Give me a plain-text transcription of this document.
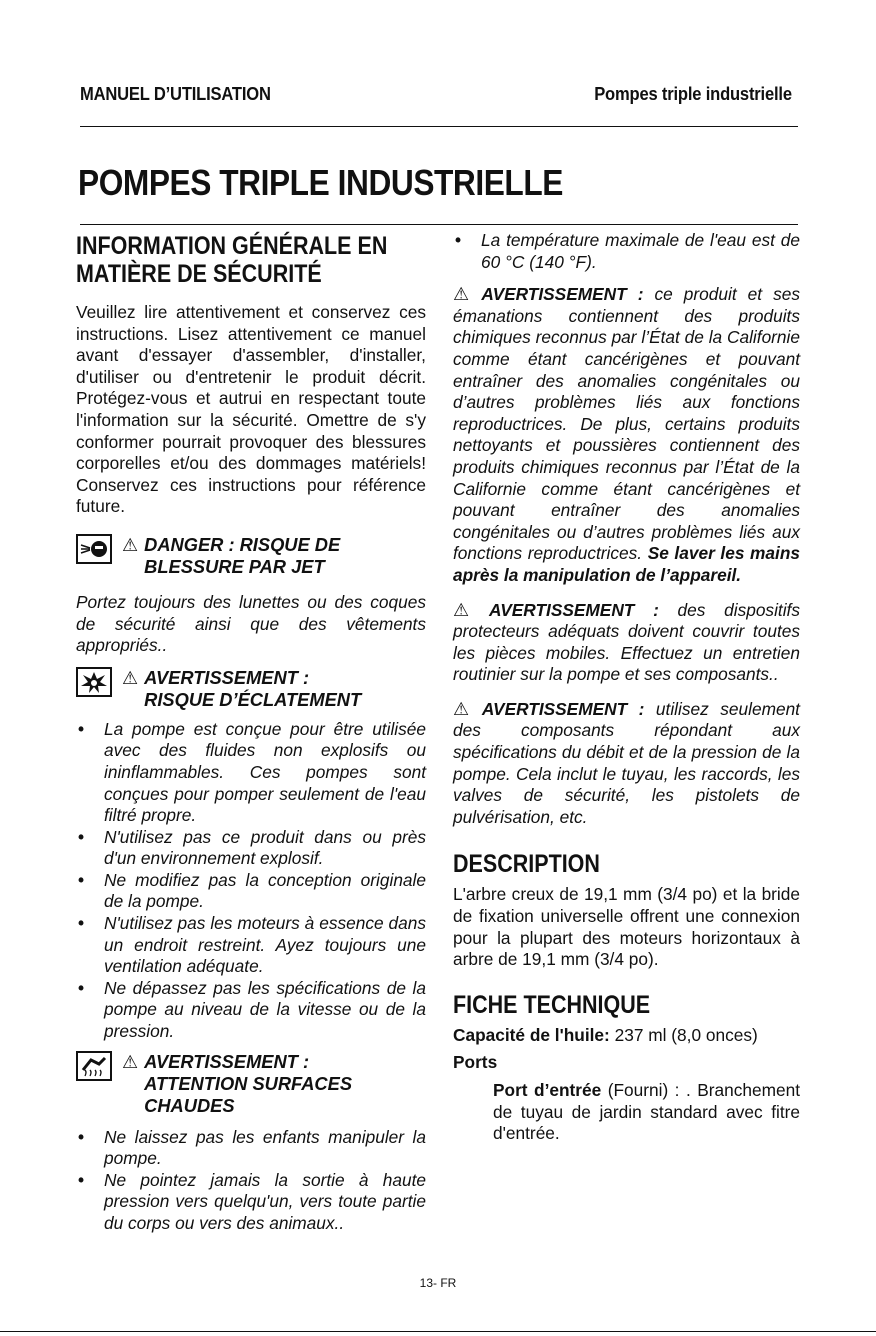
MANUEL D’UTILISATION	Pompes triple industrielle
POMPES TRIPLE INDUSTRIELLE
INFORMATION GÉNÉRALE EN
MATIÈRE DE SÉCURITÉ

Veuillez lire attentivement et conservez ces instructions. Lisez attentivement ce manuel avant d'essayer d'assembler, d'installer, d'utiliser ou d'entretenir le produit décrit. Protégez-vous et autrui en respectant toute l'information sur la sécurité. Omettre de s'y conformer pourrait provoquer des blessures corporelles et/ou des dommages matériels! Conservez ces instructions pour référence future.

⚠ DANGER : RISQUE DE
BLESSURE PAR JET

Portez toujours des lunettes ou des coques de sécurité ainsi que des vêtements appropriés..

⚠ AVERTISSEMENT :
RISQUE D’ÉCLATEMENT
• La pompe est conçue pour être utilisée avec des fluides non explosifs ou ininflammables. Ces pompes sont conçues pour pomper seulement de l'eau filtré propre.
• N'utilisez pas ce produit dans ou près d'un environnement explosif.
• Ne modifiez pas la conception originale de la pompe.
• N'utilisez pas les moteurs à essence dans un endroit restreint. Ayez toujours une ventilation adéquate.
• Ne dépassez pas les spécifications de la pompe au niveau de la vitesse ou de la pression.
⚠ AVERTISSEMENT :
ATTENTION SURFACES
CHAUDES
• Ne laissez pas les enfants manipuler la pompe.
• Ne pointez jamais la sortie à haute pression vers quelqu'un, vers toute partie du corps ou vers des animaux..
• La température maximale de l'eau est de 60 °C (140 °F).

⚠ AVERTISSEMENT : ce produit et ses émanations contiennent des produits chimiques reconnus par l’État de la Californie comme étant cancérigènes et pouvant entraîner des anomalies congénitales ou d’autres problèmes liés aux fonctions reproductrices. De plus, certains produits nettoyants et poussières contiennent des produits chimiques reconnus par l’État de la Californie comme étant cancérigènes et pouvant entraîner des anomalies congénitales ou d’autres problèmes liés aux fonctions reproductrices. Se laver les mains après la manipulation de l’appareil.

⚠ AVERTISSEMENT : des dispositifs protecteurs adéquats doivent couvrir toutes les pièces mobiles. Effectuez un entretien routinier sur la pompe et ses composants..

⚠ AVERTISSEMENT : utilisez seulement des composants répondant aux spécifications du débit et de la pression de la pompe. Cela inclut le tuyau, les raccords, les valves de sécurité, les pistolets de pulvérisation, etc.

DESCRIPTION

L'arbre creux de 19,1 mm (3/4 po) et la bride de fixation universelle offrent une connexion pour la plupart des moteurs horizontaux à arbre de 19,1 mm (3/4 po).

FICHE TECHNIQUE

Capacité de l'huile: 237 ml (8,0 onces)

Ports

Port d’entrée (Fourni) : . Branchement de tuyau de jardin standard avec fitre d'entrée.

13- FR
